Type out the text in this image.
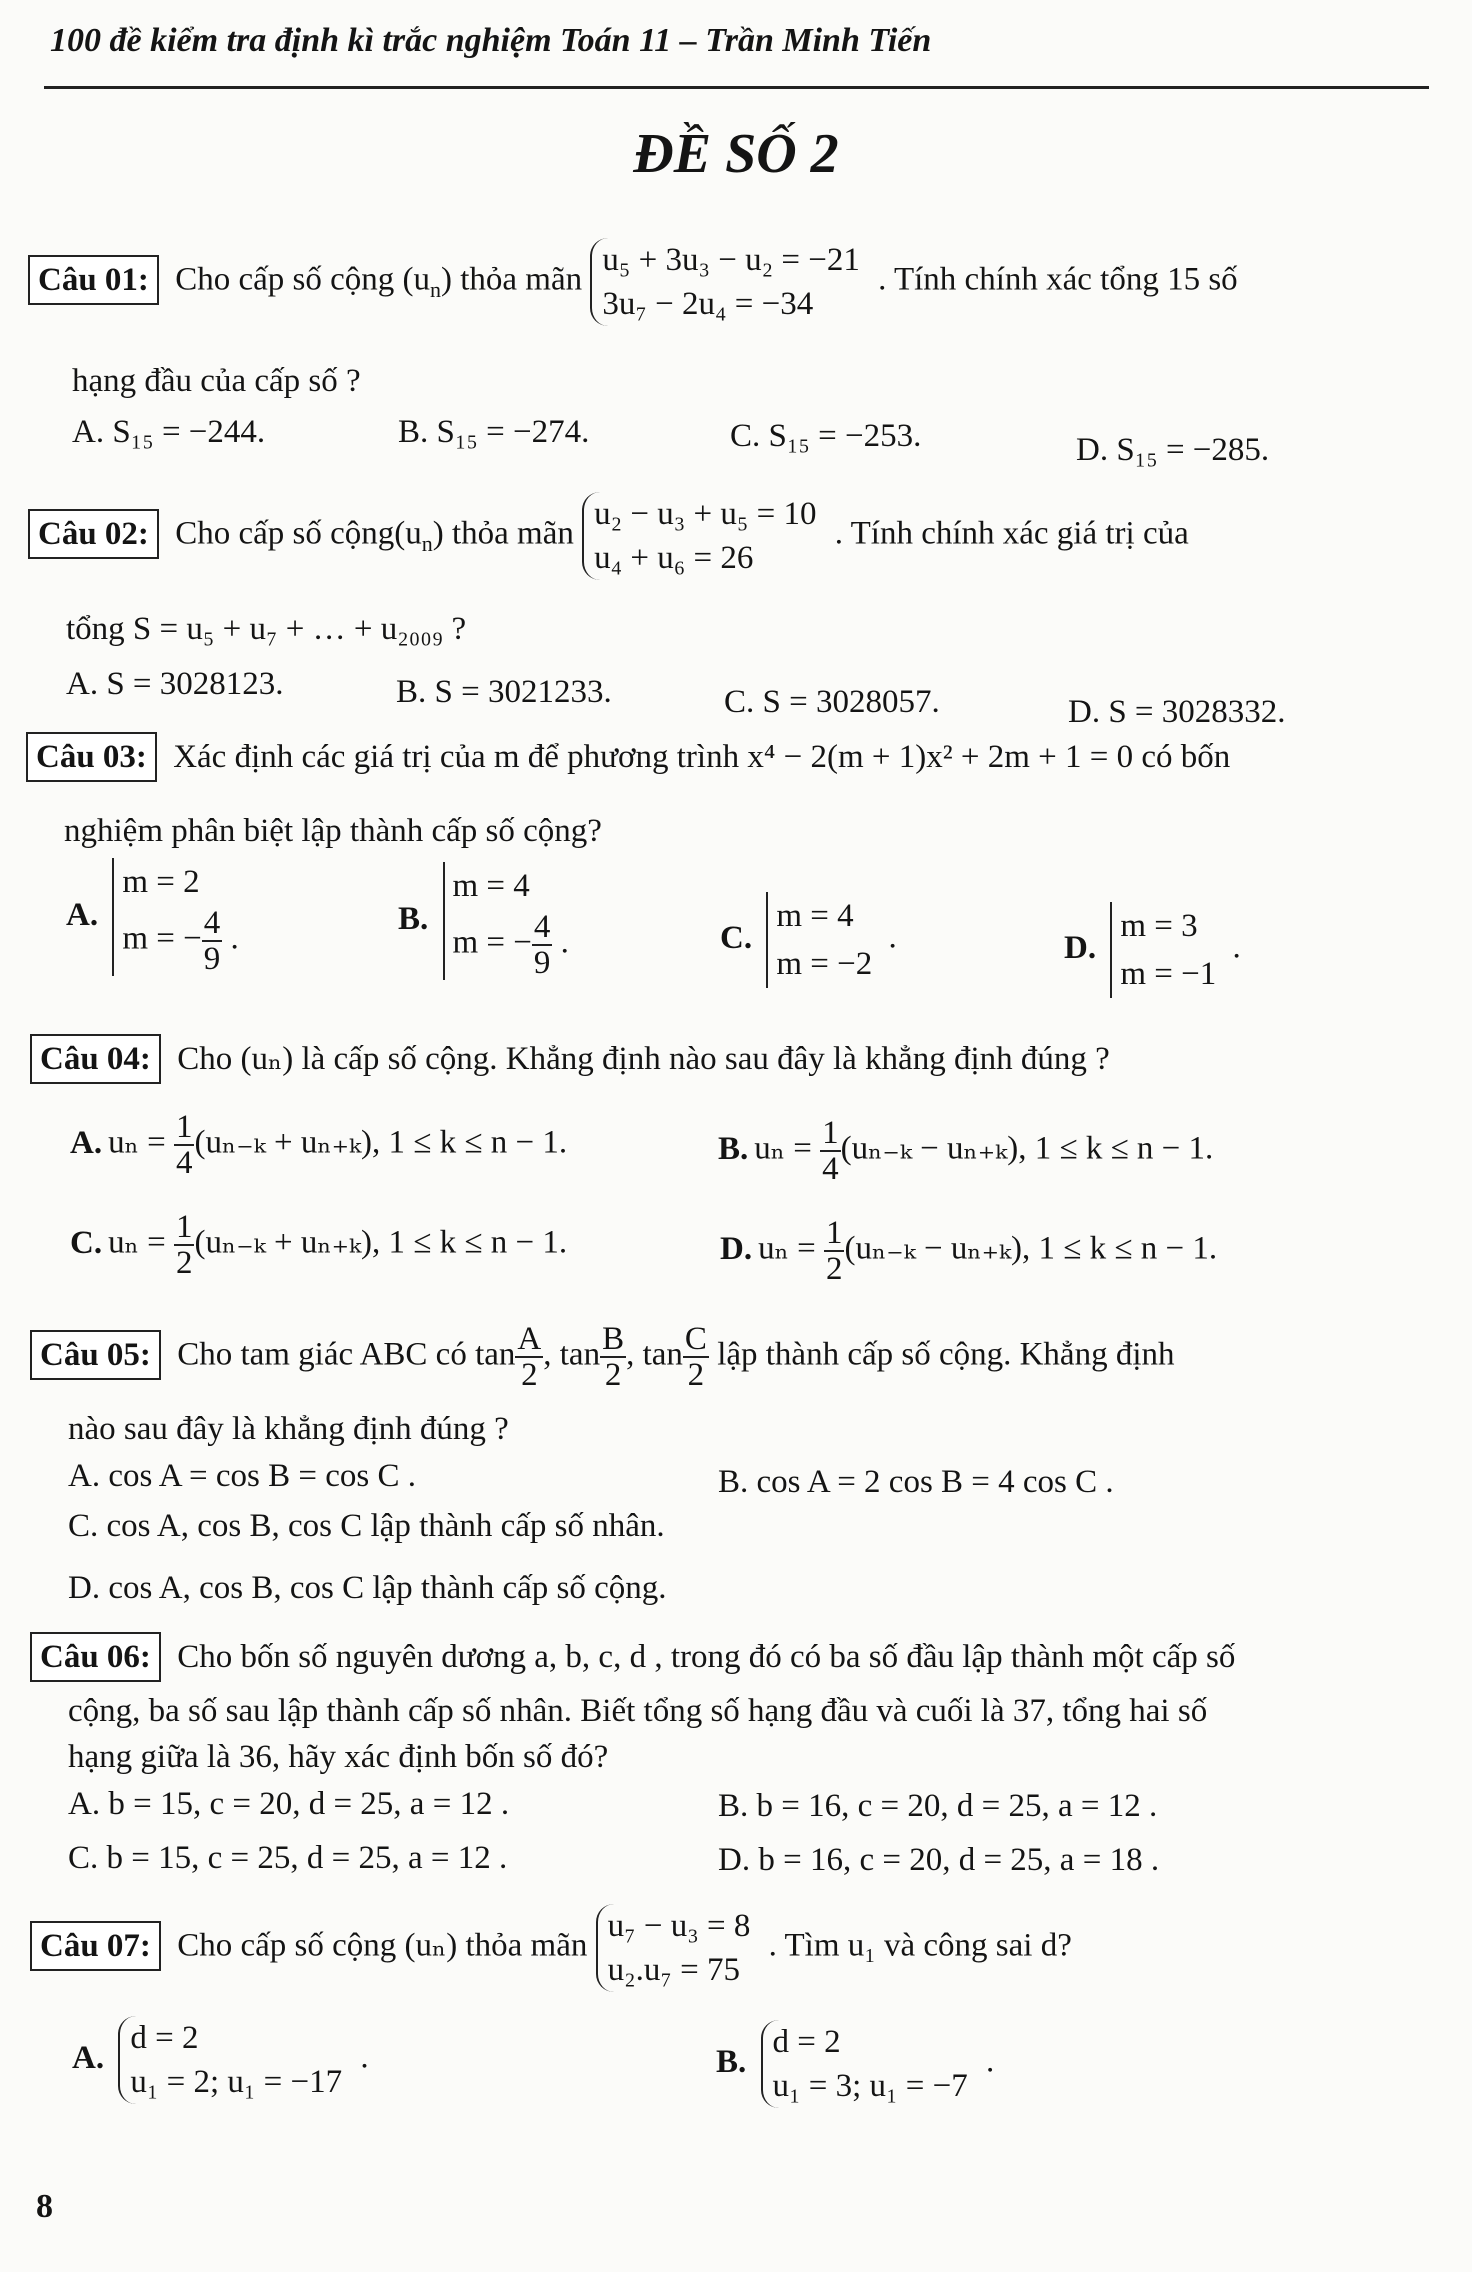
100 đề kiểm tra định kì trắc nghiệm Toán 11 – Trần Minh Tiến
ĐỀ SỐ 2
Câu 01: Cho cấp số cộng $(u_n)$ thỏa mãn
u₅ + 3u₃ − u₂ = −21
3u₇ − 2u₄ = −34
. Tính chính xác tổng 15 số
hạng đầu của cấp số ?
A. S₁₅ = −244.	B. S₁₅ = −274.	C. S₁₅ = −253.	D. S₁₅ = −285.
Câu 02: Cho cấp số $cộng(u_n)$ thỏa mãn
u₂ − u₃ + u₅ = 10
u₄ + u₆ = 26
. Tính chính xác giá trị của
tổng S = u₅ + u₇ + … + u₂₀₀₉ ?
A. S = 3028123.	B. S = 3021233.	C. S = 3028057.	D. S = 3028332.
Câu 03: Xác định các giá trị của m để phương trình x⁴ − 2(m + 1)x² + 2m + 1 = 0 có bốn
nghiệm phân biệt lập thành cấp số cộng?
A.
m = 2
m = − $\frac{4}{9}$ .
B.
m = 4
m = − $\frac{4}{9}$ .	C.
m = 4
m = −2
.	D.
m = 3
m = −1
.
Câu 04: Cho (uₙ) là cấp số cộng. Khẳng định nào sau đây là khẳng định đúng ?
A. $u_n = \frac{1}{4} (u_{n-k} + u_{n+k})$, 1 ≤ k ≤ n − 1.	B. $u_n = \frac{1}{4} (u_{n-k} - u_{n+k})$, 1 ≤ k ≤ n − 1.
C. $u_n = \frac{1}{2} (u_{n-k} + u_{n+k})$, 1 ≤ k ≤ n − 1.	D. $u_n = \frac{1}{2} (u_{n-k} - u_{n+k})$, 1 ≤ k ≤ n − 1.
Câu 05: Cho tam giác ABC có $\tan \frac{A}{2}$ , $\tan \frac{B}{2}$ , $\tan \frac{C}{2}$ lập thành cấp số cộng. Khẳng định
nào sau đây là khẳng định đúng ?
A. cos A = cos B = cos C .	B. cos A = 2 cos B = 4 cos C .
C. cos A, cos B, cos C lập thành cấp số nhân.
D. cos A, cos B, cos C lập thành cấp số cộng.
Câu 06: Cho bốn số nguyên dương a, b, c, d , trong đó có ba số đầu lập thành một cấp số
cộng, ba số sau lập thành cấp số nhân. Biết tổng số hạng đầu và cuối là 37, tổng hai số
hạng giữa là 36, hãy xác định bốn số đó?
A. b = 15, c = 20, d = 25, a = 12 .	B. b = 16, c = 20, d = 25, a = 12 .
C. b = 15, c = 25, d = 25, a = 12 .	D. b = 16, c = 20, d = 25, a = 18 .
Câu 07: Cho cấp số cộng (uₙ) thỏa mãn
u₇ − u₃ = 8
u₂.u₇ = 75
. Tìm u₁ và công sai d?
A.
d = 2
u₁ = 2; u₁ = −17
.	B.
d = 2
u₁ = 3; u₁ = −7
.
8
